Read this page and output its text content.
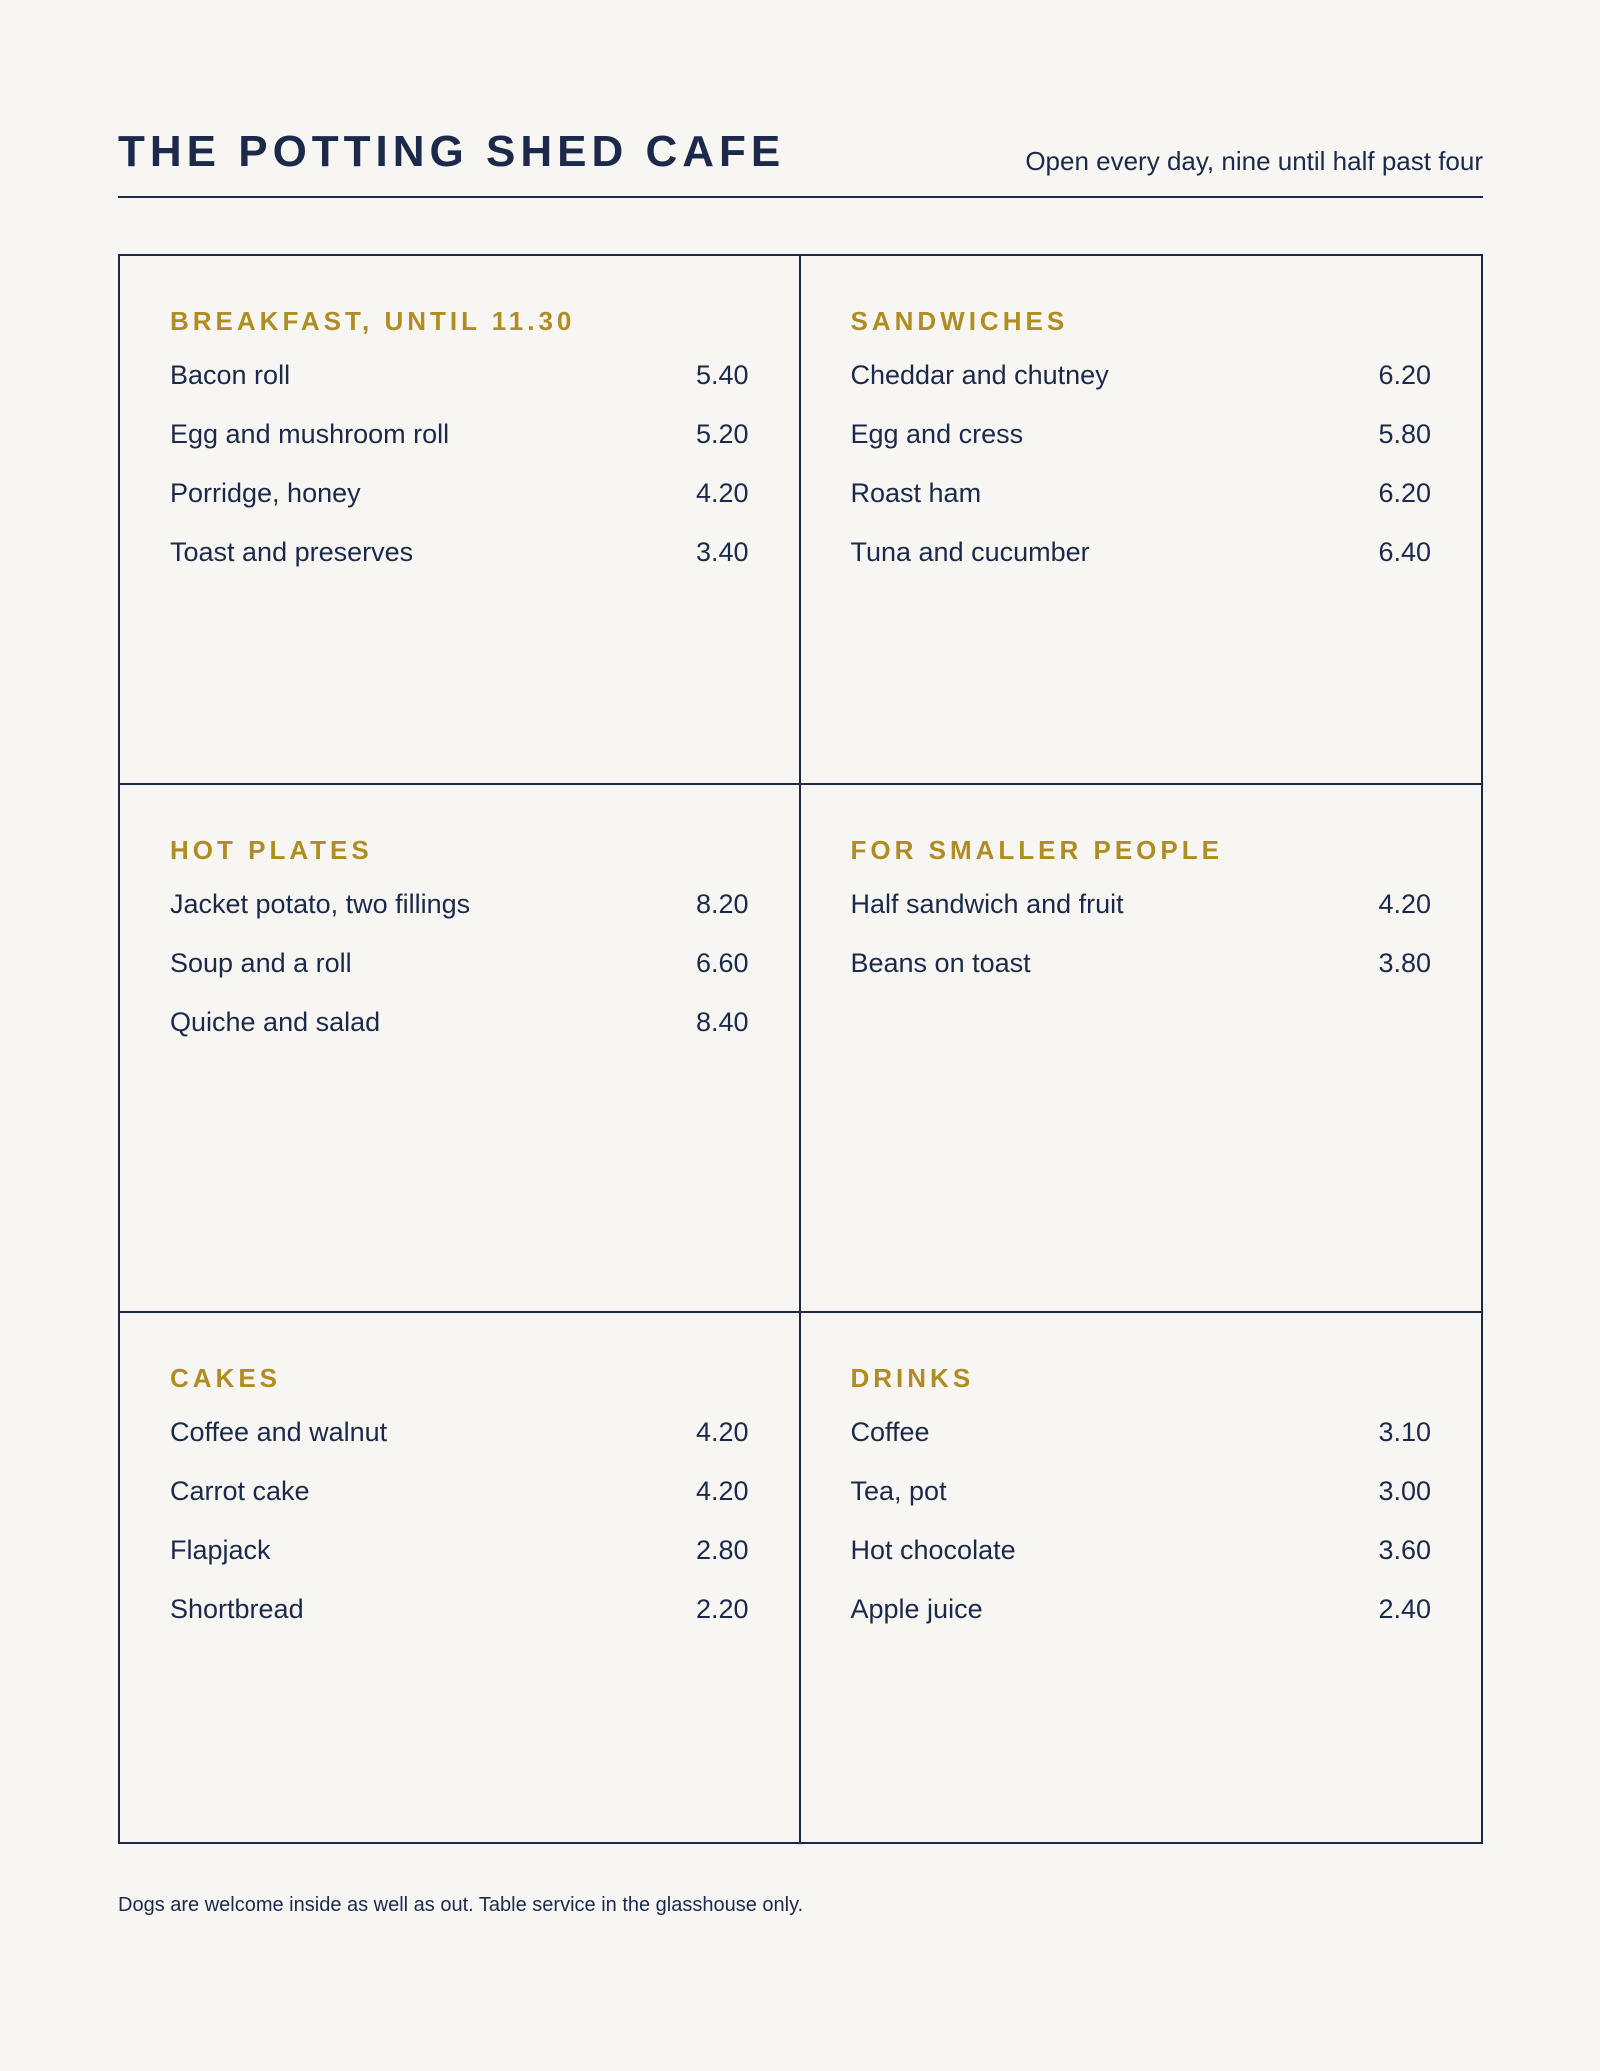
THE POTTING SHED CAFE	Open every day, nine until half past four
BREAKFAST, UNTIL 11.30
Bacon roll	5.40
Egg and mushroom roll	5.20
Porridge, honey	4.20
Toast and preserves	3.40
SANDWICHES
Cheddar and chutney	6.20
Egg and cress	5.80
Roast ham	6.20
Tuna and cucumber	6.40
HOT PLATES
Jacket potato, two fillings	8.20
Soup and a roll	6.60
Quiche and salad	8.40
FOR SMALLER PEOPLE
Half sandwich and fruit	4.20
Beans on toast	3.80
CAKES
Coffee and walnut	4.20
Carrot cake	4.20
Flapjack	2.80
Shortbread	2.20
DRINKS
Coffee	3.10
Tea, pot	3.00
Hot chocolate	3.60
Apple juice	2.40
Dogs are welcome inside as well as out. Table service in the glasshouse only.
